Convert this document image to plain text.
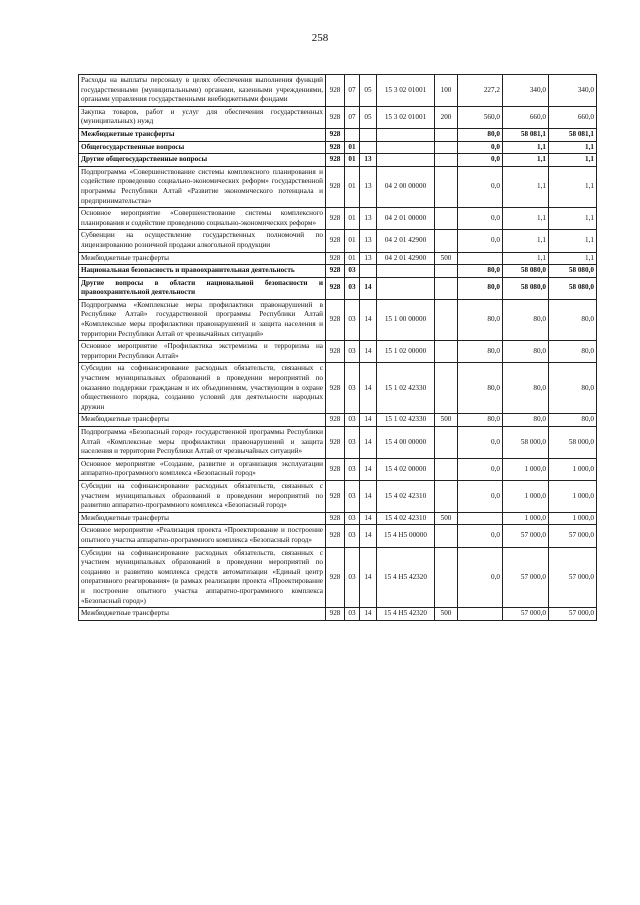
258
Расходы на выплаты персоналу в целях обеспечения выполнения функций государственными (муниципальными) органами, казенными учреждениями, органами управления государственными внебюджетными фондами	928	07	05	15 3 02 01001	100	227,2	340,0	340,0
Закупка товаров, работ и услуг для обеспечения государственных (муниципальных) нужд	928	07	05	15 3 02 01001	200	560,0	660,0	660,0
Межбюджетные трансферты	928					80,0	58 081,1	58 081,1
Общегосударственные вопросы	928	01				0,0	1,1	1,1
Другие общегосударственные вопросы	928	01	13			0,0	1,1	1,1
Подпрограмма «Совершенствование системы комплексного планирования и содействие проведению социально-экономических реформ» государственной программы Республики Алтай «Развитие экономического потенциала и предпринимательства»	928	01	13	04 2 00 00000		0,0	1,1	1,1
Основное мероприятие «Совершенствование системы комплексного планирования и содействие проведению социально-экономических реформ»	928	01	13	04 2 01 00000		0,0	1,1	1,1
Субвенции на осуществление государственных полномочий по лицензированию розничной продажи алкогольной продукции	928	01	13	04 2 01 42900		0,0	1,1	1,1
Межбюджетные трансферты	928	01	13	04 2 01 42900	500		1,1	1,1
Национальная безопасность и правоохранительная деятельность	928	03				80,0	58 080,0	58 080,0
Другие вопросы в области национальной безопасности и правоохранительной деятельности	928	03	14			80,0	58 080,0	58 080,0
Подпрограмма «Комплексные меры профилактики правонарушений в Республике Алтай» государственной программы Республики Алтай «Комплексные меры профилактики правонарушений и защита населения и территории Республики Алтай от чрезвычайных ситуаций»	928	03	14	15 1 00 00000		80,0	80,0	80,0
Основное мероприятие «Профилактика экстремизма и терроризма на территории Республики Алтай»	928	03	14	15 1 02 00000		80,0	80,0	80,0
Субсидии на софинансирование расходных обязательств, связанных с участием муниципальных образований в проведении мероприятий по оказанию поддержки гражданам и их объединениям, участвующим в охране общественного порядка, созданию условий для деятельности народных дружин	928	03	14	15 1 02 42330		80,0	80,0	80,0
Межбюджетные трансферты	928	03	14	15 1 02 42330	500	80,0	80,0	80,0
Подпрограмма «Безопасный город» государственной программы Республики Алтай «Комплексные меры профилактики правонарушений и защита населения и территории Республики Алтай от чрезвычайных ситуаций»	928	03	14	15 4 00 00000		0,0	58 000,0	58 000,0
Основное мероприятие «Создание, развитие и организация эксплуатации аппаратно-программного комплекса «Безопасный город»	928	03	14	15 4 02 00000		0,0	1 000,0	1 000,0
Субсидии на софинансирование расходных обязательств, связанных с участием муниципальных образований в проведении мероприятий по развитию аппаратно-программного комплекса «Безопасный город»	928	03	14	15 4 02 42310		0,0	1 000,0	1 000,0
Межбюджетные трансферты	928	03	14	15 4 02 42310	500		1 000,0	1 000,0
Основное мероприятие «Реализация проекта «Проектирование и построение опытного участка аппаратно-программного комплекса «Безопасный город»	928	03	14	15 4 Н5 00000		0,0	57 000,0	57 000,0
Субсидии на софинансирование расходных обязательств, связанных с участием муниципальных образований в проведении мероприятий по созданию и развитию комплекса средств автоматизации «Единый центр оперативного реагирования» (в рамках реализации проекта «Проектирование и построение опытного участка аппаратно-программного комплекса «Безопасный город»)	928	03	14	15 4 Н5 42320		0,0	57 000,0	57 000,0
Межбюджетные трансферты	928	03	14	15 4 Н5 42320	500		57 000,0	57 000,0
